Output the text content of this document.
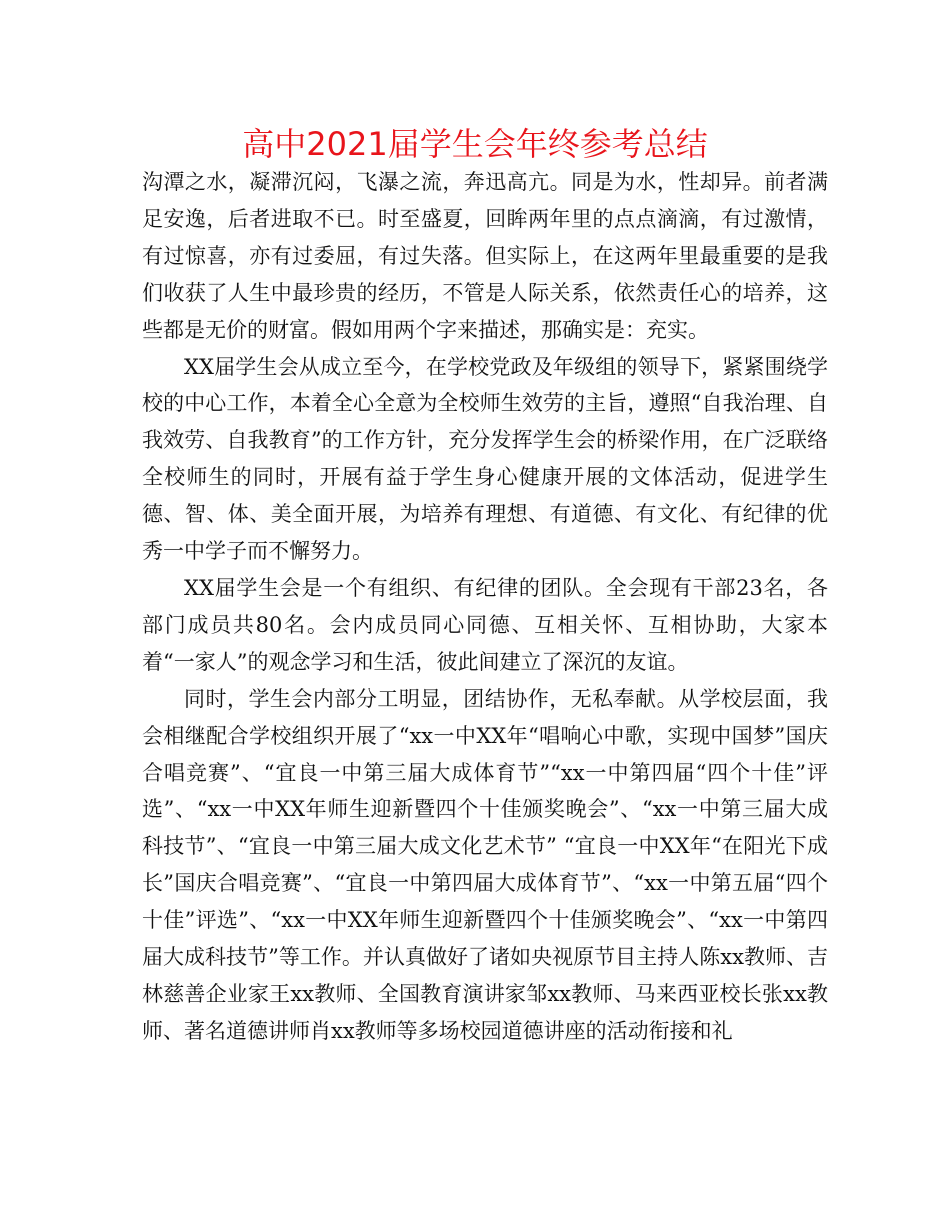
高中2021届学生会年终参考总结

沟潭之水，凝滞沉闷，飞瀑之流，奔迅高亢。同是为水，性却异。前者满足安逸，后者进取不已。时至盛夏，回眸两年里的点点滴滴，有过激情，有过惊喜，亦有过委屈，有过失落。但实际上，在这两年里最重要的是我们收获了人生中最珍贵的经历，不管是人际关系，依然责任心的培养，这些都是无价的财富。假如用两个字来描述，那确实是：充实。

XX届学生会从成立至今，在学校党政及年级组的领导下，紧紧围绕学校的中心工作，本着全心全意为全校师生效劳的主旨，遵照“自我治理、自我效劳、自我教育”的工作方针，充分发挥学生会的桥梁作用，在广泛联络全校师生的同时，开展有益于学生身心健康开展的文体活动，促进学生德、智、体、美全面开展，为培养有理想、有道德、有文化、有纪律的优秀一中学子而不懈努力。

XX届学生会是一个有组织、有纪律的团队。全会现有干部23名，各部门成员共80名。会内成员同心同德、互相关怀、互相协助，大家本着“一家人”的观念学习和生活，彼此间建立了深沉的友谊。

同时，学生会内部分工明显，团结协作，无私奉献。从学校层面，我会相继配合学校组织开展了“xx一中XX年“唱响心中歌，实现中国梦”国庆合唱竞赛”、“宜良一中第三届大成体育节”“xx一中第四届“四个十佳”评选”、“xx一中XX年师生迎新暨四个十佳颁奖晚会”、“xx一中第三届大成科技节”、“宜良一中第三届大成文化艺术节” “宜良一中XX年“在阳光下成长”国庆合唱竞赛”、“宜良一中第四届大成体育节”、“xx一中第五届“四个十佳”评选”、“xx一中XX年师生迎新暨四个十佳颁奖晚会”、“xx一中第四届大成科技节”等工作。并认真做好了诸如央视原节目主持人陈xx教师、吉林慈善企业家王xx教师、全国教育演讲家邹xx教师、马来西亚校长张xx教师、著名道德讲师肖xx教师等多场校园道德讲座的活动衔接和礼
